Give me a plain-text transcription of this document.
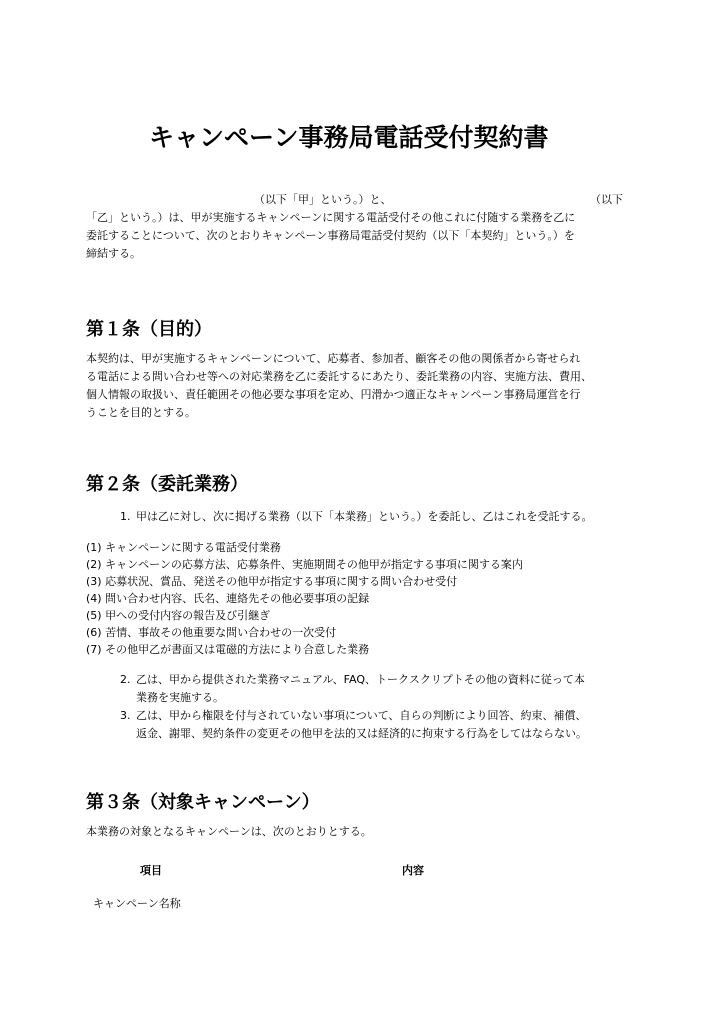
キャンペーン事務局電話受付契約書

（以下「甲」という。）と、	（以下

「乙」という。）は、甲が実施するキャンペーンに関する電話受付その他これに付随する業務を乙に

委託することについて、次のとおりキャンペーン事務局電話受付契約（以下「本契約」という。）を

締結する。

第１条（目的）

本契約は、甲が実施するキャンペーンについて、応募者、参加者、顧客その他の関係者から寄せられ

る電話による問い合わせ等への対応業務を乙に委託するにあたり、委託業務の内容、実施方法、費用、

個人情報の取扱い、責任範囲その他必要な事項を定め、円滑かつ適正なキャンペーン事務局運営を行

うことを目的とする。

第２条（委託業務）

1. 甲は乙に対し、次に掲げる業務（以下「本業務」という。）を委託し、乙はこれを受託する。

(1) キャンペーンに関する電話受付業務

(2) キャンペーンの応募方法、応募条件、実施期間その他甲が指定する事項に関する案内

(3) 応募状況、賞品、発送その他甲が指定する事項に関する問い合わせ受付

(4) 問い合わせ内容、氏名、連絡先その他必要事項の記録

(5) 甲への受付内容の報告及び引継ぎ

(6) 苦情、事故その他重要な問い合わせの一次受付

(7) その他甲乙が書面又は電磁的方法により合意した業務

2. 乙は、甲から提供された業務マニュアル、FAQ、トークスクリプトその他の資料に従って本

業務を実施する。

3. 乙は、甲から権限を付与されていない事項について、自らの判断により回答、約束、補償、

返金、謝罪、契約条件の変更その他甲を法的又は経済的に拘束する行為をしてはならない。

第３条（対象キャンペーン）

本業務の対象となるキャンペーンは、次のとおりとする。

項目	内容

キャンペーン名称
